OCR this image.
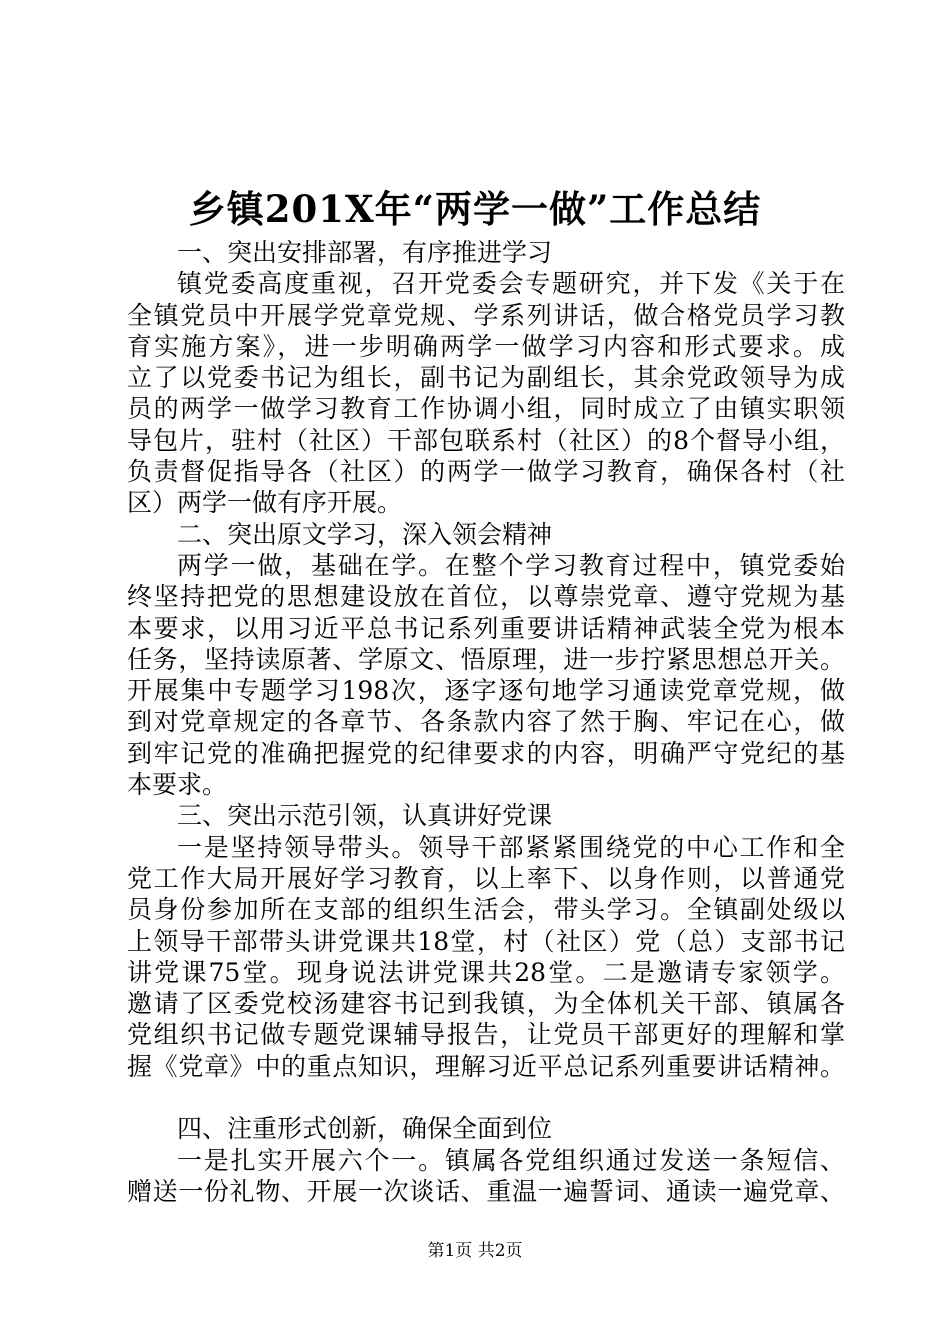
乡镇201X年“两学一做”工作总结
一、突出安排部署，有序推进学习
镇党委高度重视，召开党委会专题研究，并下发《关于在
全镇党员中开展学党章党规、学系列讲话，做合格党员学习教
育实施方案》，进一步明确两学一做学习内容和形式要求。成
立了以党委书记为组长，副书记为副组长，其余党政领导为成
员的两学一做学习教育工作协调小组，同时成立了由镇实职领
导包片，驻村（社区）干部包联系村（社区）的8个督导小组，
负责督促指导各（社区）的两学一做学习教育，确保各村（社
区）两学一做有序开展。
二、突出原文学习，深入领会精神
两学一做，基础在学。在整个学习教育过程中，镇党委始
终坚持把党的思想建设放在首位，以尊崇党章、遵守党规为基
本要求，以用习近平总书记系列重要讲话精神武装全党为根本
任务，坚持读原著、学原文、悟原理，进一步拧紧思想总开关。
开展集中专题学习198次，逐字逐句地学习通读党章党规，做
到对党章规定的各章节、各条款内容了然于胸、牢记在心，做
到牢记党的准确把握党的纪律要求的内容，明确严守党纪的基
本要求。
三、突出示范引领，认真讲好党课
一是坚持领导带头。领导干部紧紧围绕党的中心工作和全
党工作大局开展好学习教育，以上率下、以身作则，以普通党
员身份参加所在支部的组织生活会，带头学习。全镇副处级以
上领导干部带头讲党课共18堂，村（社区）党（总）支部书记
讲党课75堂。现身说法讲党课共28堂。二是邀请专家领学。
邀请了区委党校汤建容书记到我镇，为全体机关干部、镇属各
党组织书记做专题党课辅导报告，让党员干部更好的理解和掌
握《党章》中的重点知识，理解习近平总记系列重要讲话精神。
四、注重形式创新，确保全面到位
一是扎实开展六个一。镇属各党组织通过发送一条短信、
赠送一份礼物、开展一次谈话、重温一遍誓词、通读一遍党章、
第1页 共2页
